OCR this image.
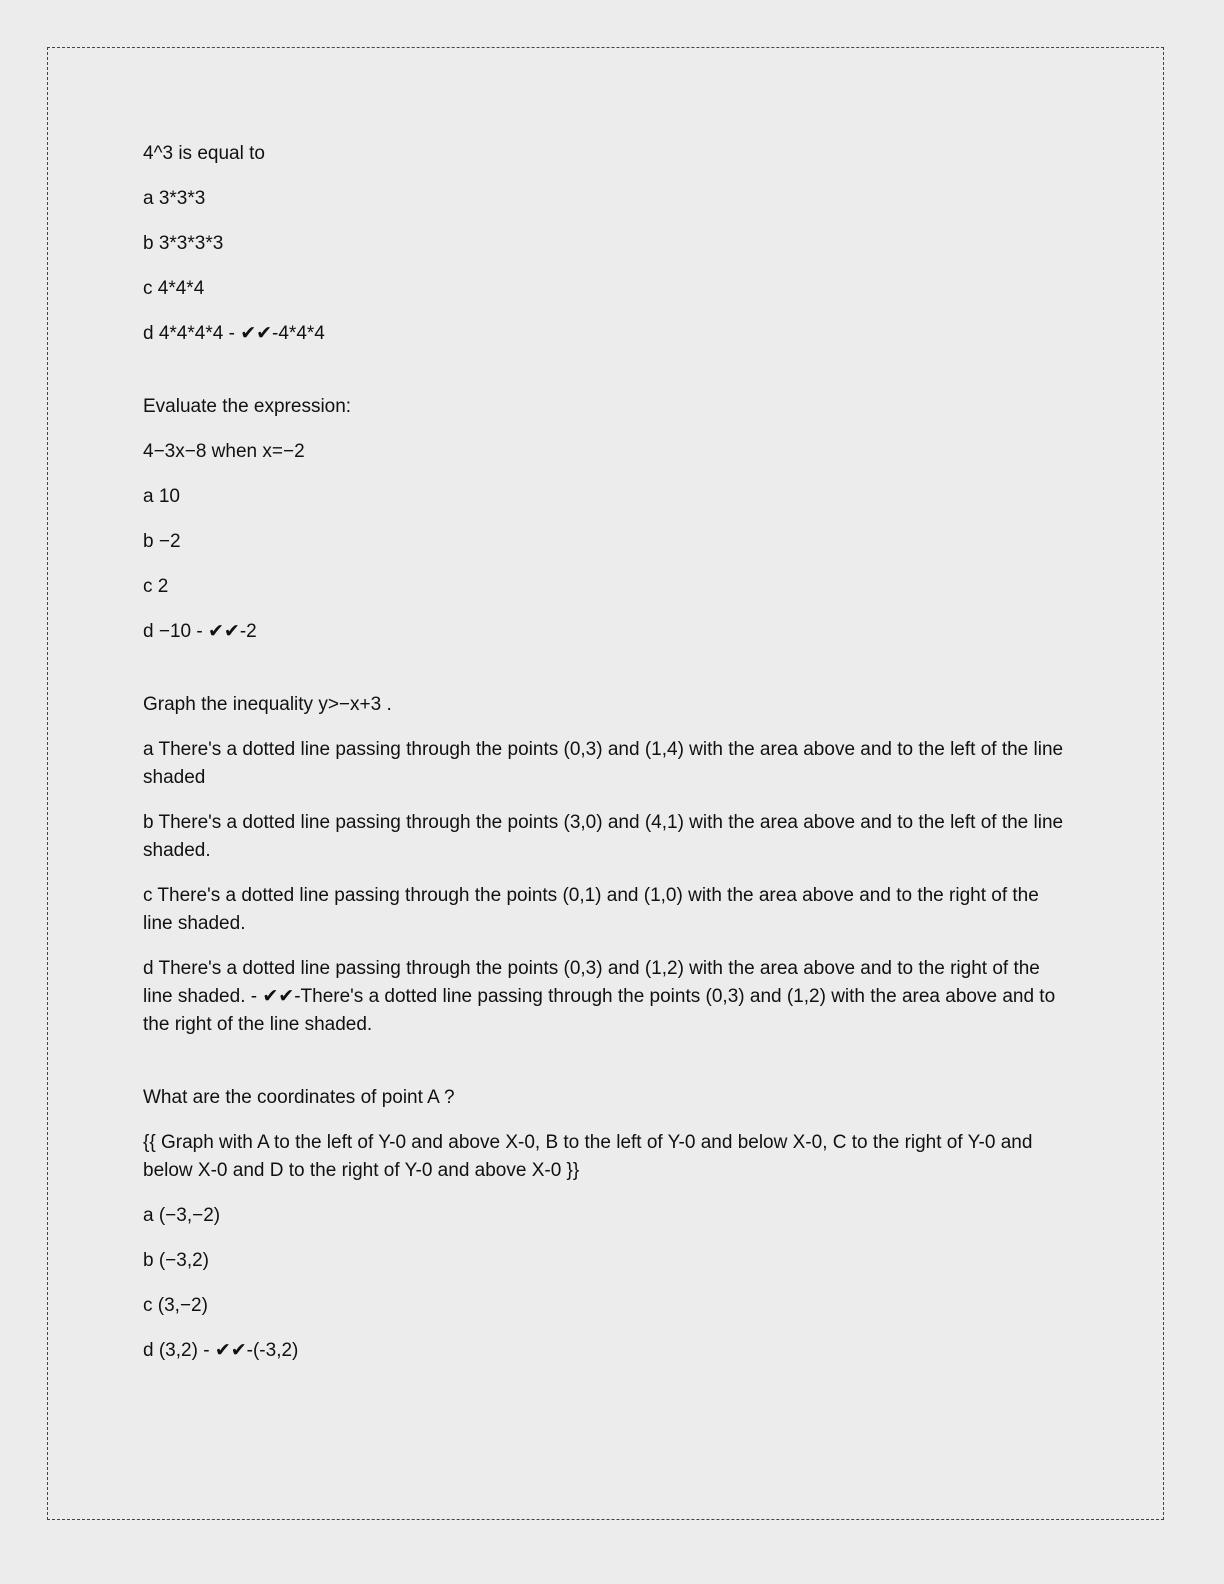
4^3 is equal to
a 3*3*3
b 3*3*3*3
c 4*4*4
d 4*4*4*4 - ✔✔-4*4*4
Evaluate the expression:
4−3x−8 when x=−2
a 10
b −2
c 2
d −10 - ✔✔-2
Graph the inequality y>−x+3 .
a There's a dotted line passing through the points (0,3) and (1,4) with the area above and to the left of the line shaded
b There's a dotted line passing through the points (3,0) and (4,1) with the area above and to the left of the line shaded.
c There's a dotted line passing through the points (0,1) and (1,0) with the area above and to the right of the line shaded.
d There's a dotted line passing through the points (0,3) and (1,2) with the area above and to the right of the line shaded. - ✔✔-There's a dotted line passing through the points (0,3) and (1,2) with the area above and to the right of the line shaded.
What are the coordinates of point A ?
{{ Graph with A to the left of Y-0 and above X-0, B to the left of Y-0 and below X-0, C to the right of Y-0 and below X-0 and D to the right of Y-0 and above X-0 }}
a (−3,−2)
b (−3,2)
c (3,−2)
d (3,2) - ✔✔-(-3,2)
